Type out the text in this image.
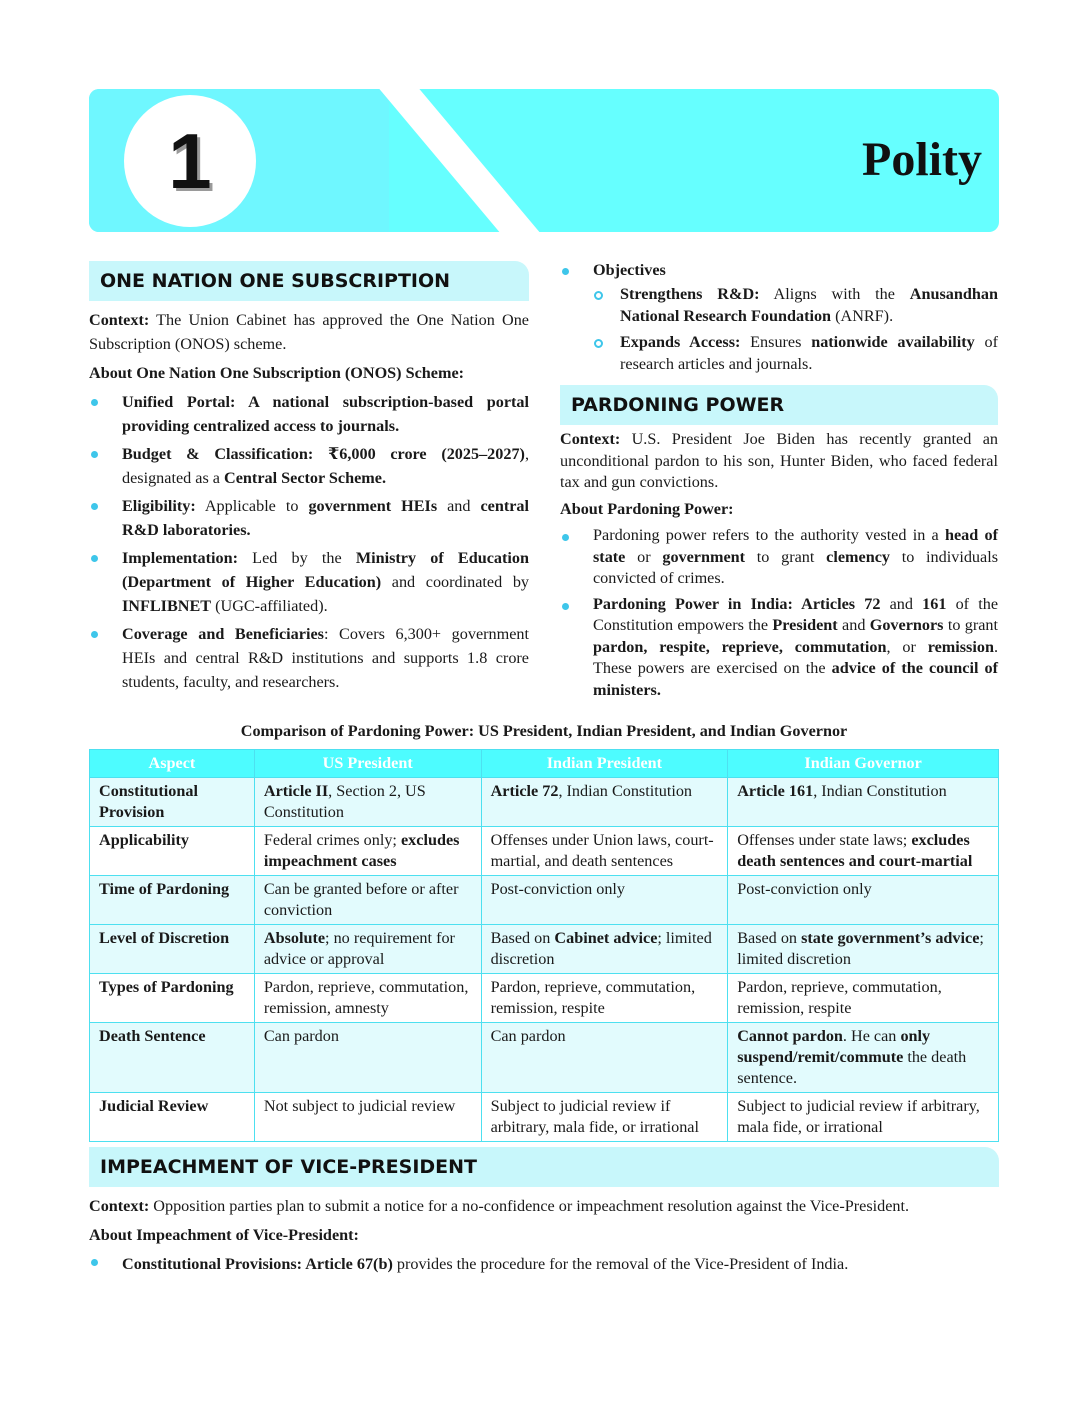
1	Polity
ONE NATION ONE SUBSCRIPTION

Context: The Union Cabinet has approved the One Nation One Subscription (ONOS) scheme.

About One Nation One Subscription (ONOS) Scheme:

Unified Portal: A national subscription-based portal providing centralized access to journals.
Budget & Classification: ₹6,000 crore (2025–2027), designated as a Central Sector Scheme.
Eligibility: Applicable to government HEIs and central R&D laboratories.
Implementation: Led by the Ministry of Education (Department of Higher Education) and coordinated by INFLIBNET (UGC-affiliated).
Coverage and Beneficiaries: Covers 6,300+ government HEIs and central R&D institutions and supports 1.8 crore students, faculty, and researchers.
Objectives
Strengthens R&D: Aligns with the Anusandhan National Research Foundation (ANRF).
Expands Access: Ensures nationwide availability of research articles and journals.
PARDONING POWER

Context: U.S. President Joe Biden has recently granted an unconditional pardon to his son, Hunter Biden, who faced federal tax and gun convictions.

About Pardoning Power:

Pardoning power refers to the authority vested in a head of state or government to grant clemency to individuals convicted of crimes.
Pardoning Power in India: Articles 72 and 161 of the Constitution empowers the President and Governors to grant pardon, respite, reprieve, commutation, or remission. These powers are exercised on the advice of the council of ministers.
Comparison of Pardoning Power: US President, Indian President, and Indian Governor
Aspect	US President	Indian President	Indian Governor
Constitutional Provision	Article II, Section 2, US Constitution	Article 72, Indian Constitution	Article 161, Indian Constitution
Applicability	Federal crimes only; excludes impeachment cases	Offenses under Union laws, court-martial, and death sentences	Offenses under state laws; excludes death sentences and court-martial
Time of Pardoning	Can be granted before or after conviction	Post-conviction only	Post-conviction only
Level of Discretion	Absolute; no requirement for advice or approval	Based on Cabinet advice; limited discretion	Based on state government’s advice; limited discretion
Types of Pardoning	Pardon, reprieve, commutation, remission, amnesty	Pardon, reprieve, commutation, remission, respite	Pardon, reprieve, commutation, remission, respite
Death Sentence	Can pardon	Can pardon	Cannot pardon. He can only suspend/remit/commute the death sentence.
Judicial Review	Not subject to judicial review	Subject to judicial review if arbitrary, mala fide, or irrational	Subject to judicial review if arbitrary, mala fide, or irrational
IMPEACHMENT OF VICE-PRESIDENT

Context: Opposition parties plan to submit a notice for a no-confidence or impeachment resolution against the Vice-President.

About Impeachment of Vice-President:

Constitutional Provisions: Article 67(b) provides the procedure for the removal of the Vice-President of India.
